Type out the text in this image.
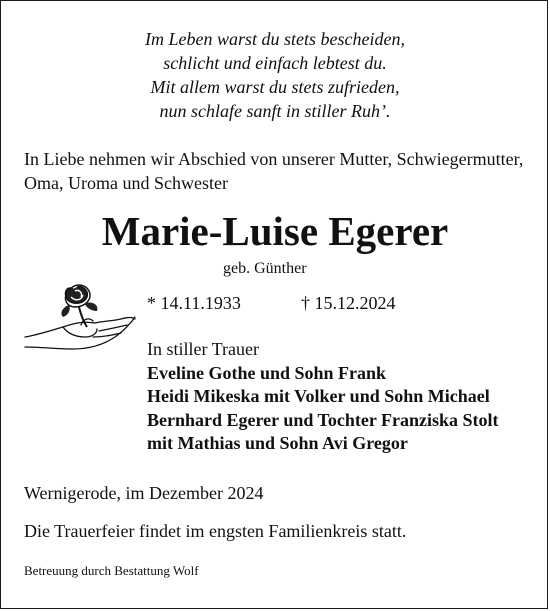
Im Leben warst du stets bescheiden,
schlicht und einfach lebtest du.
Mit allem warst du stets zufrieden,
nun schlafe sanft in stiller Ruh’.
In Liebe nehmen wir Abschied von unserer Mutter, Schwiegermutter, Oma, Uroma und Schwester
Marie-Luise Egerer
geb. Günther
* 14.11.1933	† 15.12.2024
In stiller Trauer
Eveline Gothe und Sohn Frank
Heidi Mikeska mit Volker und Sohn Michael
Bernhard Egerer und Tochter Franziska Stolt
mit Mathias und Sohn Avi Gregor
Wernigerode, im Dezember 2024
Die Trauerfeier findet im engsten Familienkreis statt.
Betreuung durch Bestattung Wolf
